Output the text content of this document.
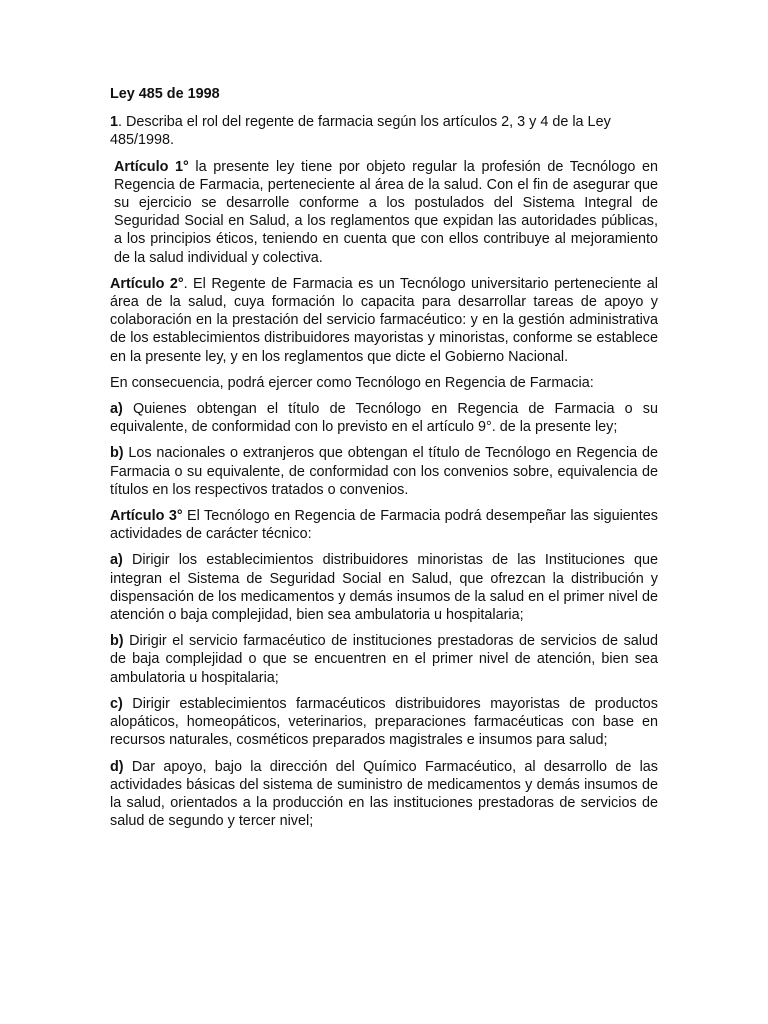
Ley 485 de 1998

1. Describa el rol del regente de farmacia según los artículos 2, 3 y 4 de la Ley 485/1998.

Artículo 1° la presente ley tiene por objeto regular la profesión de Tecnólogo en Regencia de Farmacia, perteneciente al área de la salud. Con el fin de asegurar que su ejercicio se desarrolle conforme a los postulados del Sistema Integral de Seguridad Social en Salud, a los reglamentos que expidan las autoridades públicas, a los principios éticos, teniendo en cuenta que con ellos contribuye al mejoramiento de la salud individual y colectiva.

Artículo 2°. El Regente de Farmacia es un Tecnólogo universitario perteneciente al área de la salud, cuya formación lo capacita para desarrollar tareas de apoyo y colaboración en la prestación del servicio farmacéutico: y en la gestión administrativa de los establecimientos distribuidores mayoristas y minoristas, conforme se establece en la presente ley, y en los reglamentos que dicte el Gobierno Nacional.

En consecuencia, podrá ejercer como Tecnólogo en Regencia de Farmacia:

a) Quienes obtengan el título de Tecnólogo en Regencia de Farmacia o su equivalente, de conformidad con lo previsto en el artículo 9°. de la presente ley;

b) Los nacionales o extranjeros que obtengan el título de Tecnólogo en Regencia de Farmacia o su equivalente, de conformidad con los convenios sobre, equivalencia de títulos en los respectivos tratados o convenios.

Artículo 3° El Tecnólogo en Regencia de Farmacia podrá desempeñar las siguientes actividades de carácter técnico:

a) Dirigir los establecimientos distribuidores minoristas de las Instituciones que integran el Sistema de Seguridad Social en Salud, que ofrezcan la distribución y dispensación de los medicamentos y demás insumos de la salud en el primer nivel de atención o baja complejidad, bien sea ambulatoria u hospitalaria;

b) Dirigir el servicio farmacéutico de instituciones prestadoras de servicios de salud de baja complejidad o que se encuentren en el primer nivel de atención, bien sea ambulatoria u hospitalaria;

c) Dirigir establecimientos farmacéuticos distribuidores mayoristas de productos alopáticos, homeopáticos, veterinarios, preparaciones farmacéuticas con base en recursos naturales, cosméticos preparados magistrales e insumos para salud;

d) Dar apoyo, bajo la dirección del Químico Farmacéutico, al desarrollo de las actividades básicas del sistema de suministro de medicamentos y demás insumos de la salud, orientados a la producción en las instituciones prestadoras de servicios de salud de segundo y tercer nivel;
